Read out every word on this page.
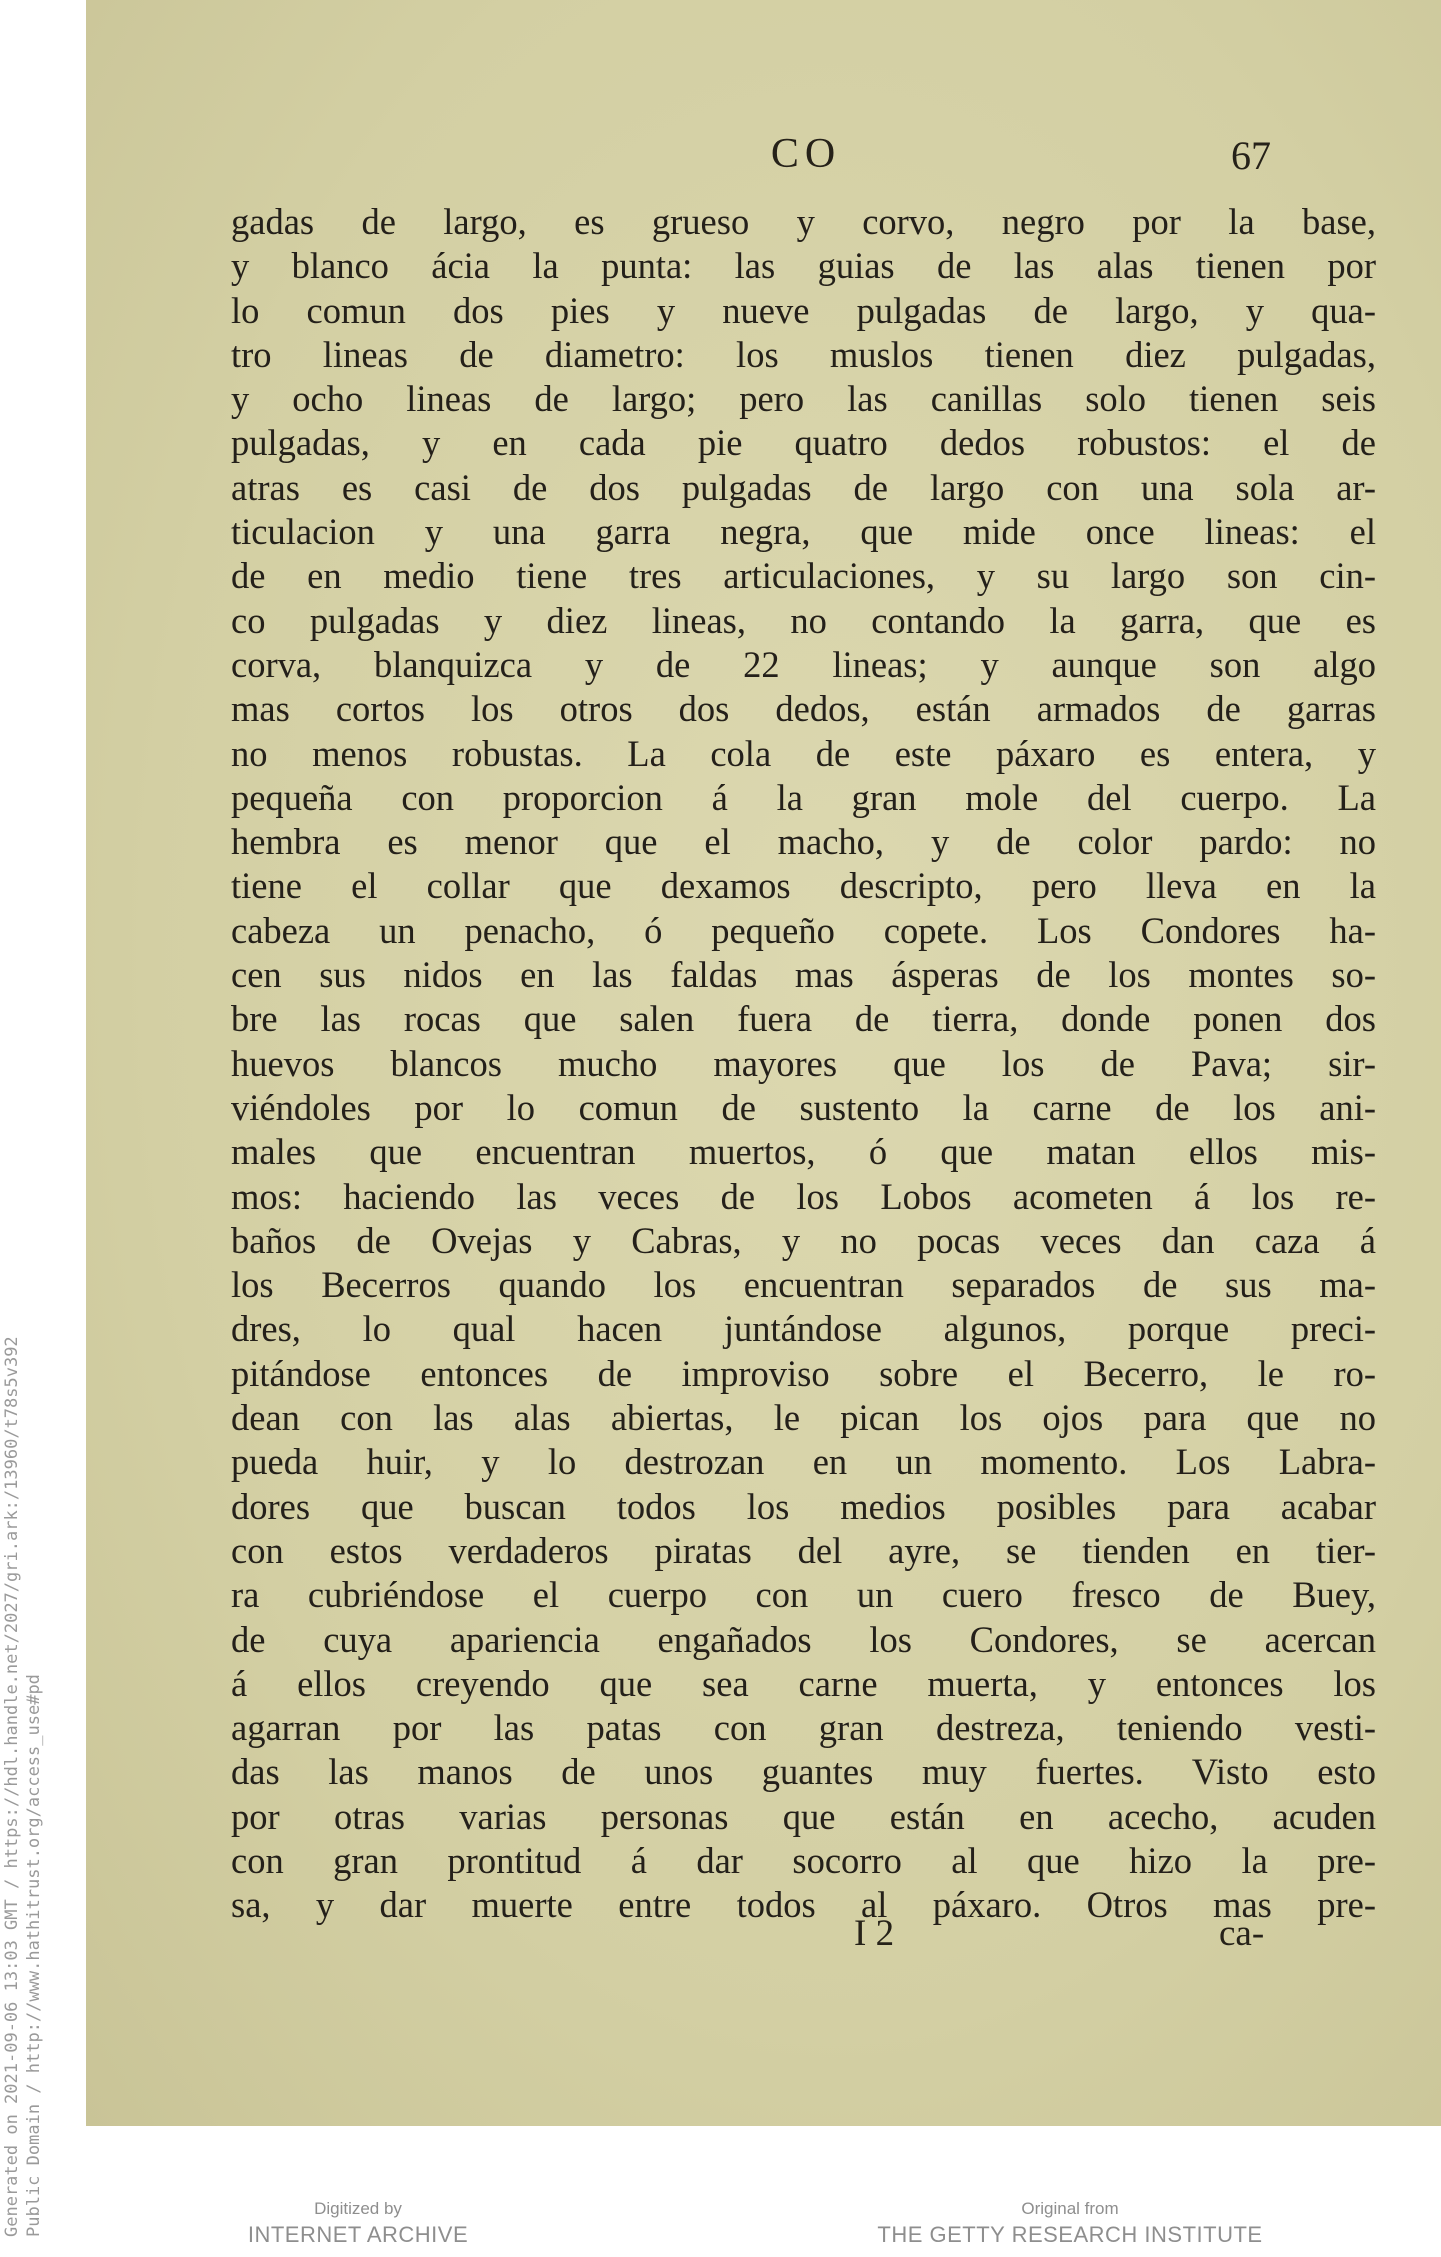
Generated on 2021-09-06 13:03 GMT / https://hdl.handle.net/2027/gri.ark:/13960/t78s5v392 Public Domain / http://www.hathitrust.org/access_use#pd
CO	67
gadas de largo, es grueso y corvo, negro por la base,
y blanco ácia la punta: las guias de las alas tienen por
lo comun dos pies y nueve pulgadas de largo, y qua-
tro lineas de diametro: los muslos tienen diez pulgadas,
y ocho lineas de largo; pero las canillas solo tienen seis
pulgadas, y en cada pie quatro dedos robustos: el de
atras es casi de dos pulgadas de largo con una sola ar-
ticulacion y una garra negra, que mide once lineas: el
de en medio tiene tres articulaciones, y su largo son cin-
co pulgadas y diez lineas, no contando la garra, que es
corva, blanquizca y de 22 lineas; y aunque son algo
mas cortos los otros dos dedos, están armados de garras
no menos robustas. La cola de este páxaro es entera, y
pequeña con proporcion á la gran mole del cuerpo. La
hembra es menor que el macho, y de color pardo: no
tiene el collar que dexamos descripto, pero lleva en la
cabeza un penacho, ó pequeño copete. Los Condores ha-
cen sus nidos en las faldas mas ásperas de los montes so-
bre las rocas que salen fuera de tierra, donde ponen dos
huevos blancos mucho mayores que los de Pava; sir-
viéndoles por lo comun de sustento la carne de los ani-
males que encuentran muertos, ó que matan ellos mis-
mos: haciendo las veces de los Lobos acometen á los re-
baños de Ovejas y Cabras, y no pocas veces dan caza á
los Becerros quando los encuentran separados de sus ma-
dres, lo qual hacen juntándose algunos, porque preci-
pitándose entonces de improviso sobre el Becerro, le ro-
dean con las alas abiertas, le pican los ojos para que no
pueda huir, y lo destrozan en un momento. Los Labra-
dores que buscan todos los medios posibles para acabar
con estos verdaderos piratas del ayre, se tienden en tier-
ra cubriéndose el cuerpo con un cuero fresco de Buey,
de cuya apariencia engañados los Condores, se acercan
á ellos creyendo que sea carne muerta, y entonces los
agarran por las patas con gran destreza, teniendo vesti-
das las manos de unos guantes muy fuertes. Visto esto
por otras varias personas que están en acecho, acuden
con gran prontitud á dar socorro al que hizo la pre-
sa, y dar muerte entre todos al páxaro. Otros mas pre-
I 2	ca-
Digitized by
INTERNET ARCHIVE
Original from
THE GETTY RESEARCH INSTITUTE
